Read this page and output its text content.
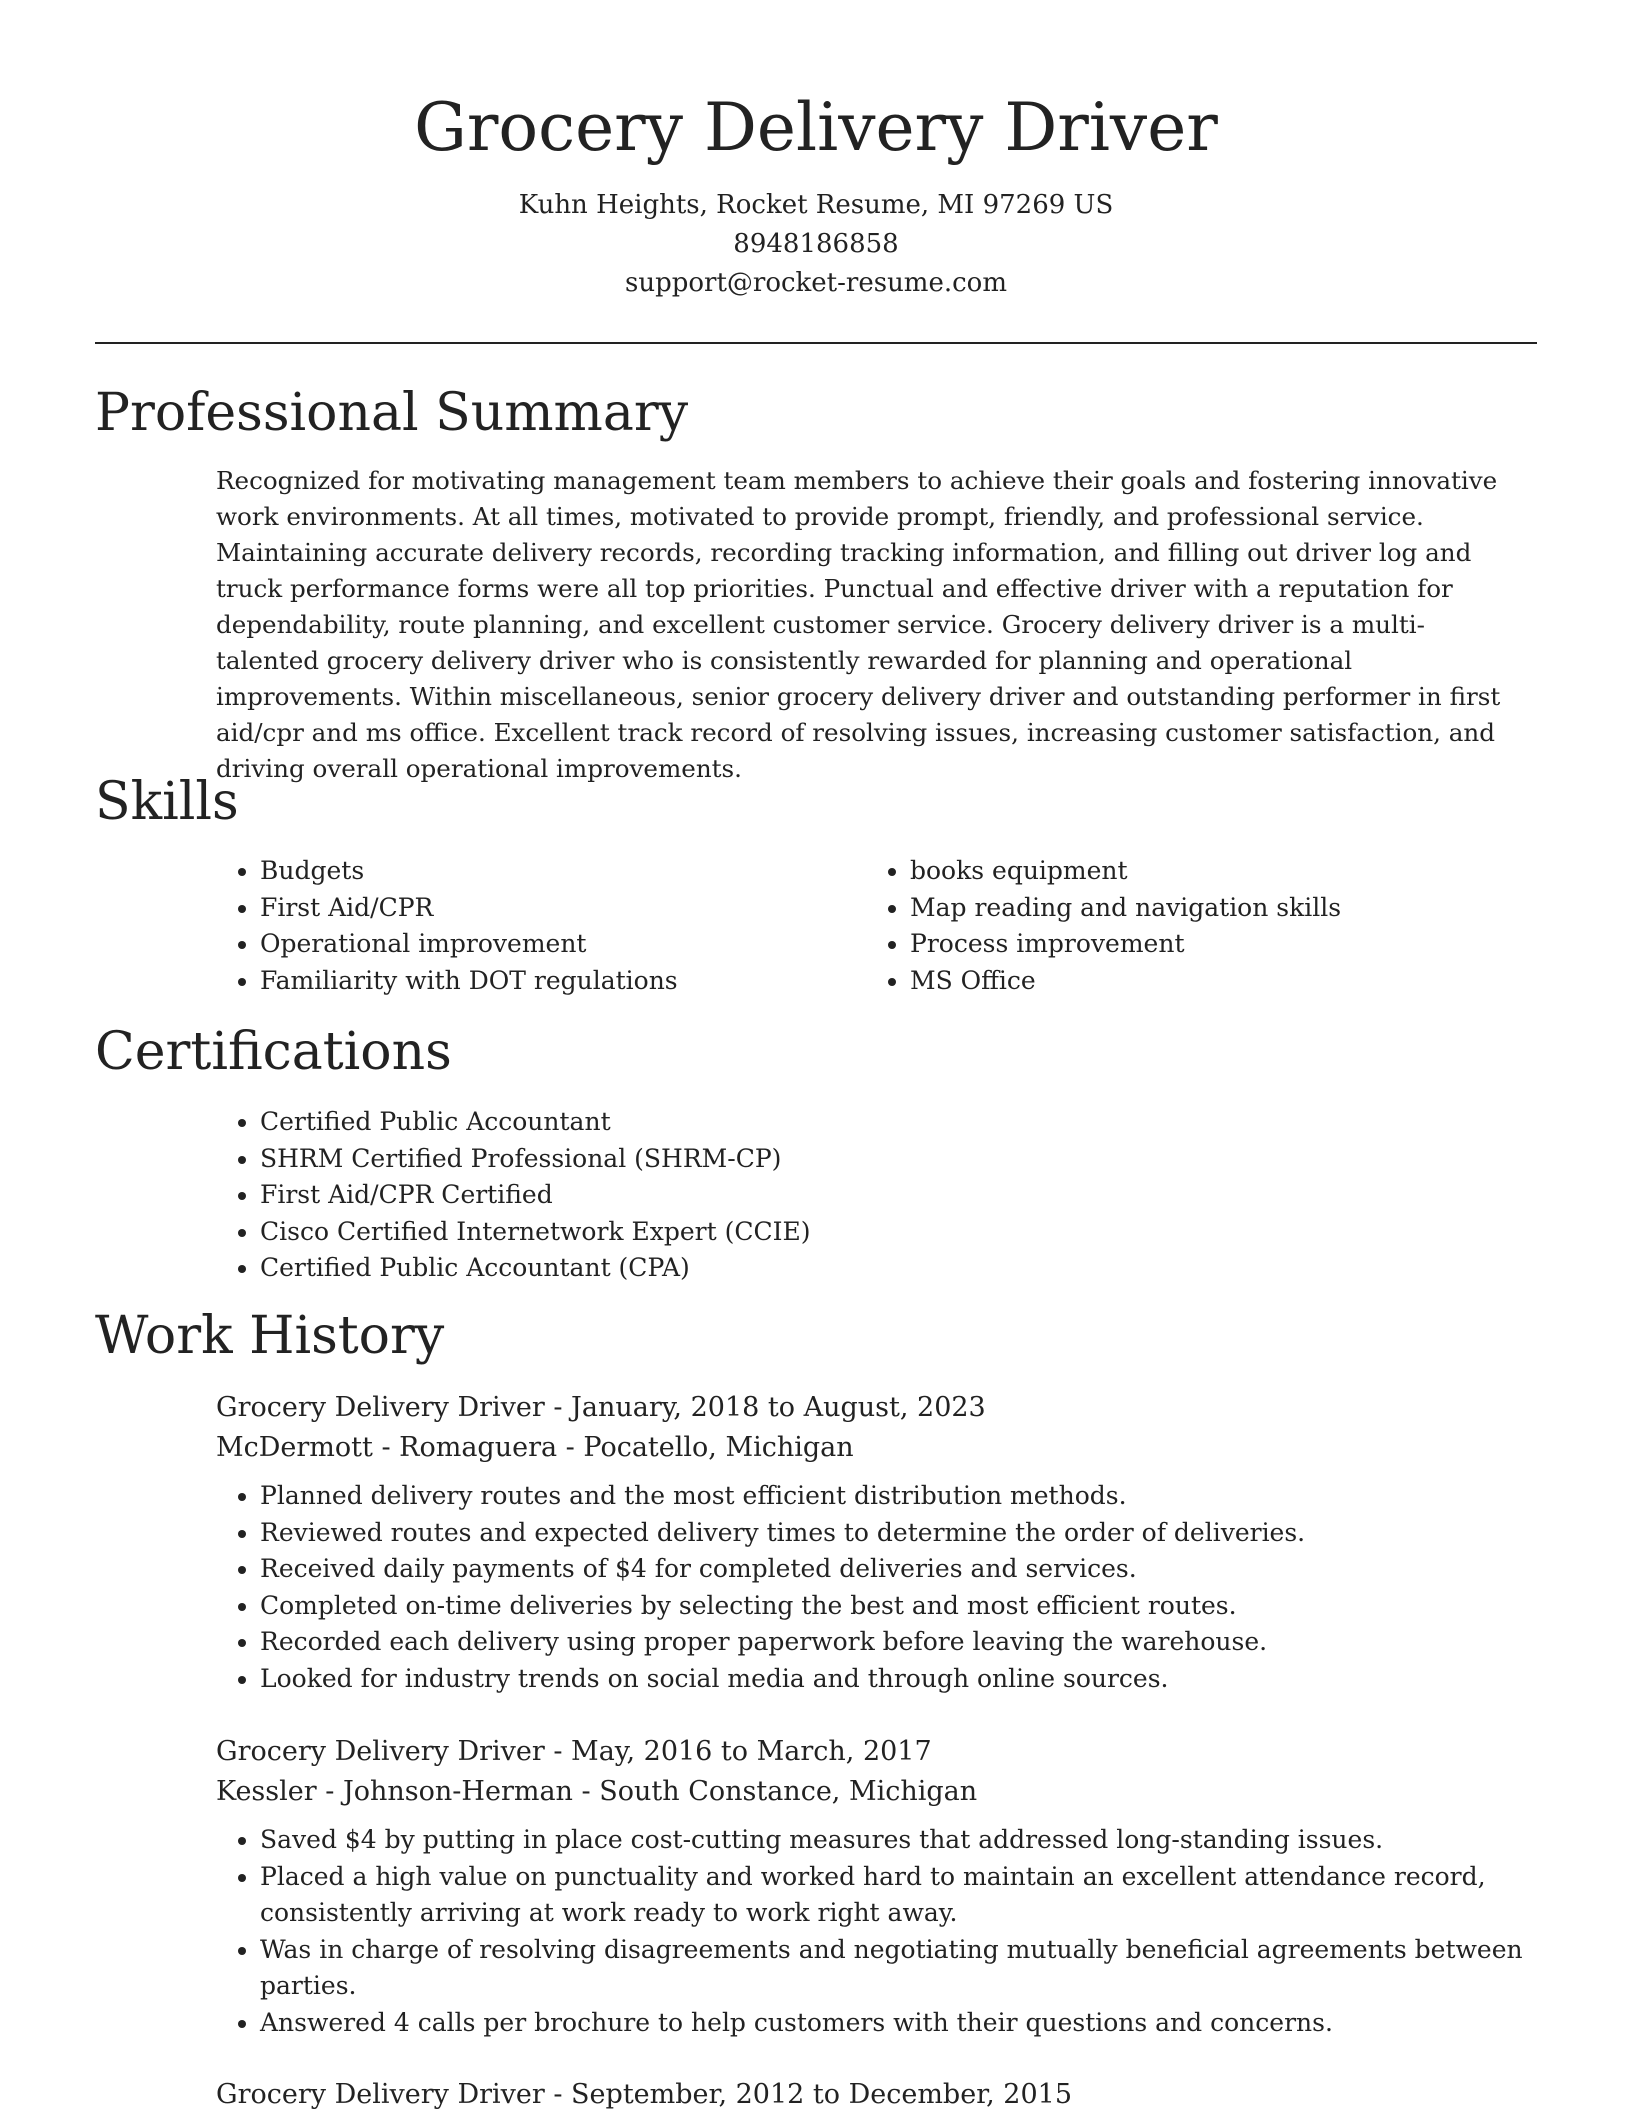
Grocery Delivery Driver

Kuhn Heights, Rocket Resume, MI 97269 US

8948186858

support@rocket-resume.com

Professional Summary

Recognized for motivating management team members to achieve their goals and fostering innovative work environments. At all times, motivated to provide prompt, friendly, and professional service. Maintaining accurate delivery records, recording tracking information, and filling out driver log and truck performance forms were all top priorities. Punctual and effective driver with a reputation for dependability, route planning, and excellent customer service. Grocery delivery driver is a multi-talented grocery delivery driver who is consistently rewarded for planning and operational improvements. Within miscellaneous, senior grocery delivery driver and outstanding performer in first aid/cpr and ms office. Excellent track record of resolving issues, increasing customer satisfaction, and driving overall operational improvements.

Skills
• Budgets
• First Aid/CPR
• Operational improvement
• Familiarity with DOT regulations
• books equipment
• Map reading and navigation skills
• Process improvement
• MS Office
Certifications
• Certified Public Accountant
• SHRM Certified Professional (SHRM-CP)
• First Aid/CPR Certified
• Cisco Certified Internetwork Expert (CCIE)
• Certified Public Accountant (CPA)
Work History

Grocery Delivery Driver - January, 2018 to August, 2023

McDermott - Romaguera - Pocatello, Michigan

• Planned delivery routes and the most efficient distribution methods.
• Reviewed routes and expected delivery times to determine the order of deliveries.
• Received daily payments of $4 for completed deliveries and services.
• Completed on-time deliveries by selecting the best and most efficient routes.
• Recorded each delivery using proper paperwork before leaving the warehouse.
• Looked for industry trends on social media and through online sources.

Grocery Delivery Driver - May, 2016 to March, 2017

Kessler - Johnson-Herman - South Constance, Michigan

• Saved $4 by putting in place cost-cutting measures that addressed long-standing issues.
• Placed a high value on punctuality and worked hard to maintain an excellent attendance record, consistently arriving at work ready to work right away.
• Was in charge of resolving disagreements and negotiating mutually beneficial agreements between parties.
• Answered 4 calls per brochure to help customers with their questions and concerns.

Grocery Delivery Driver - September, 2012 to December, 2015
